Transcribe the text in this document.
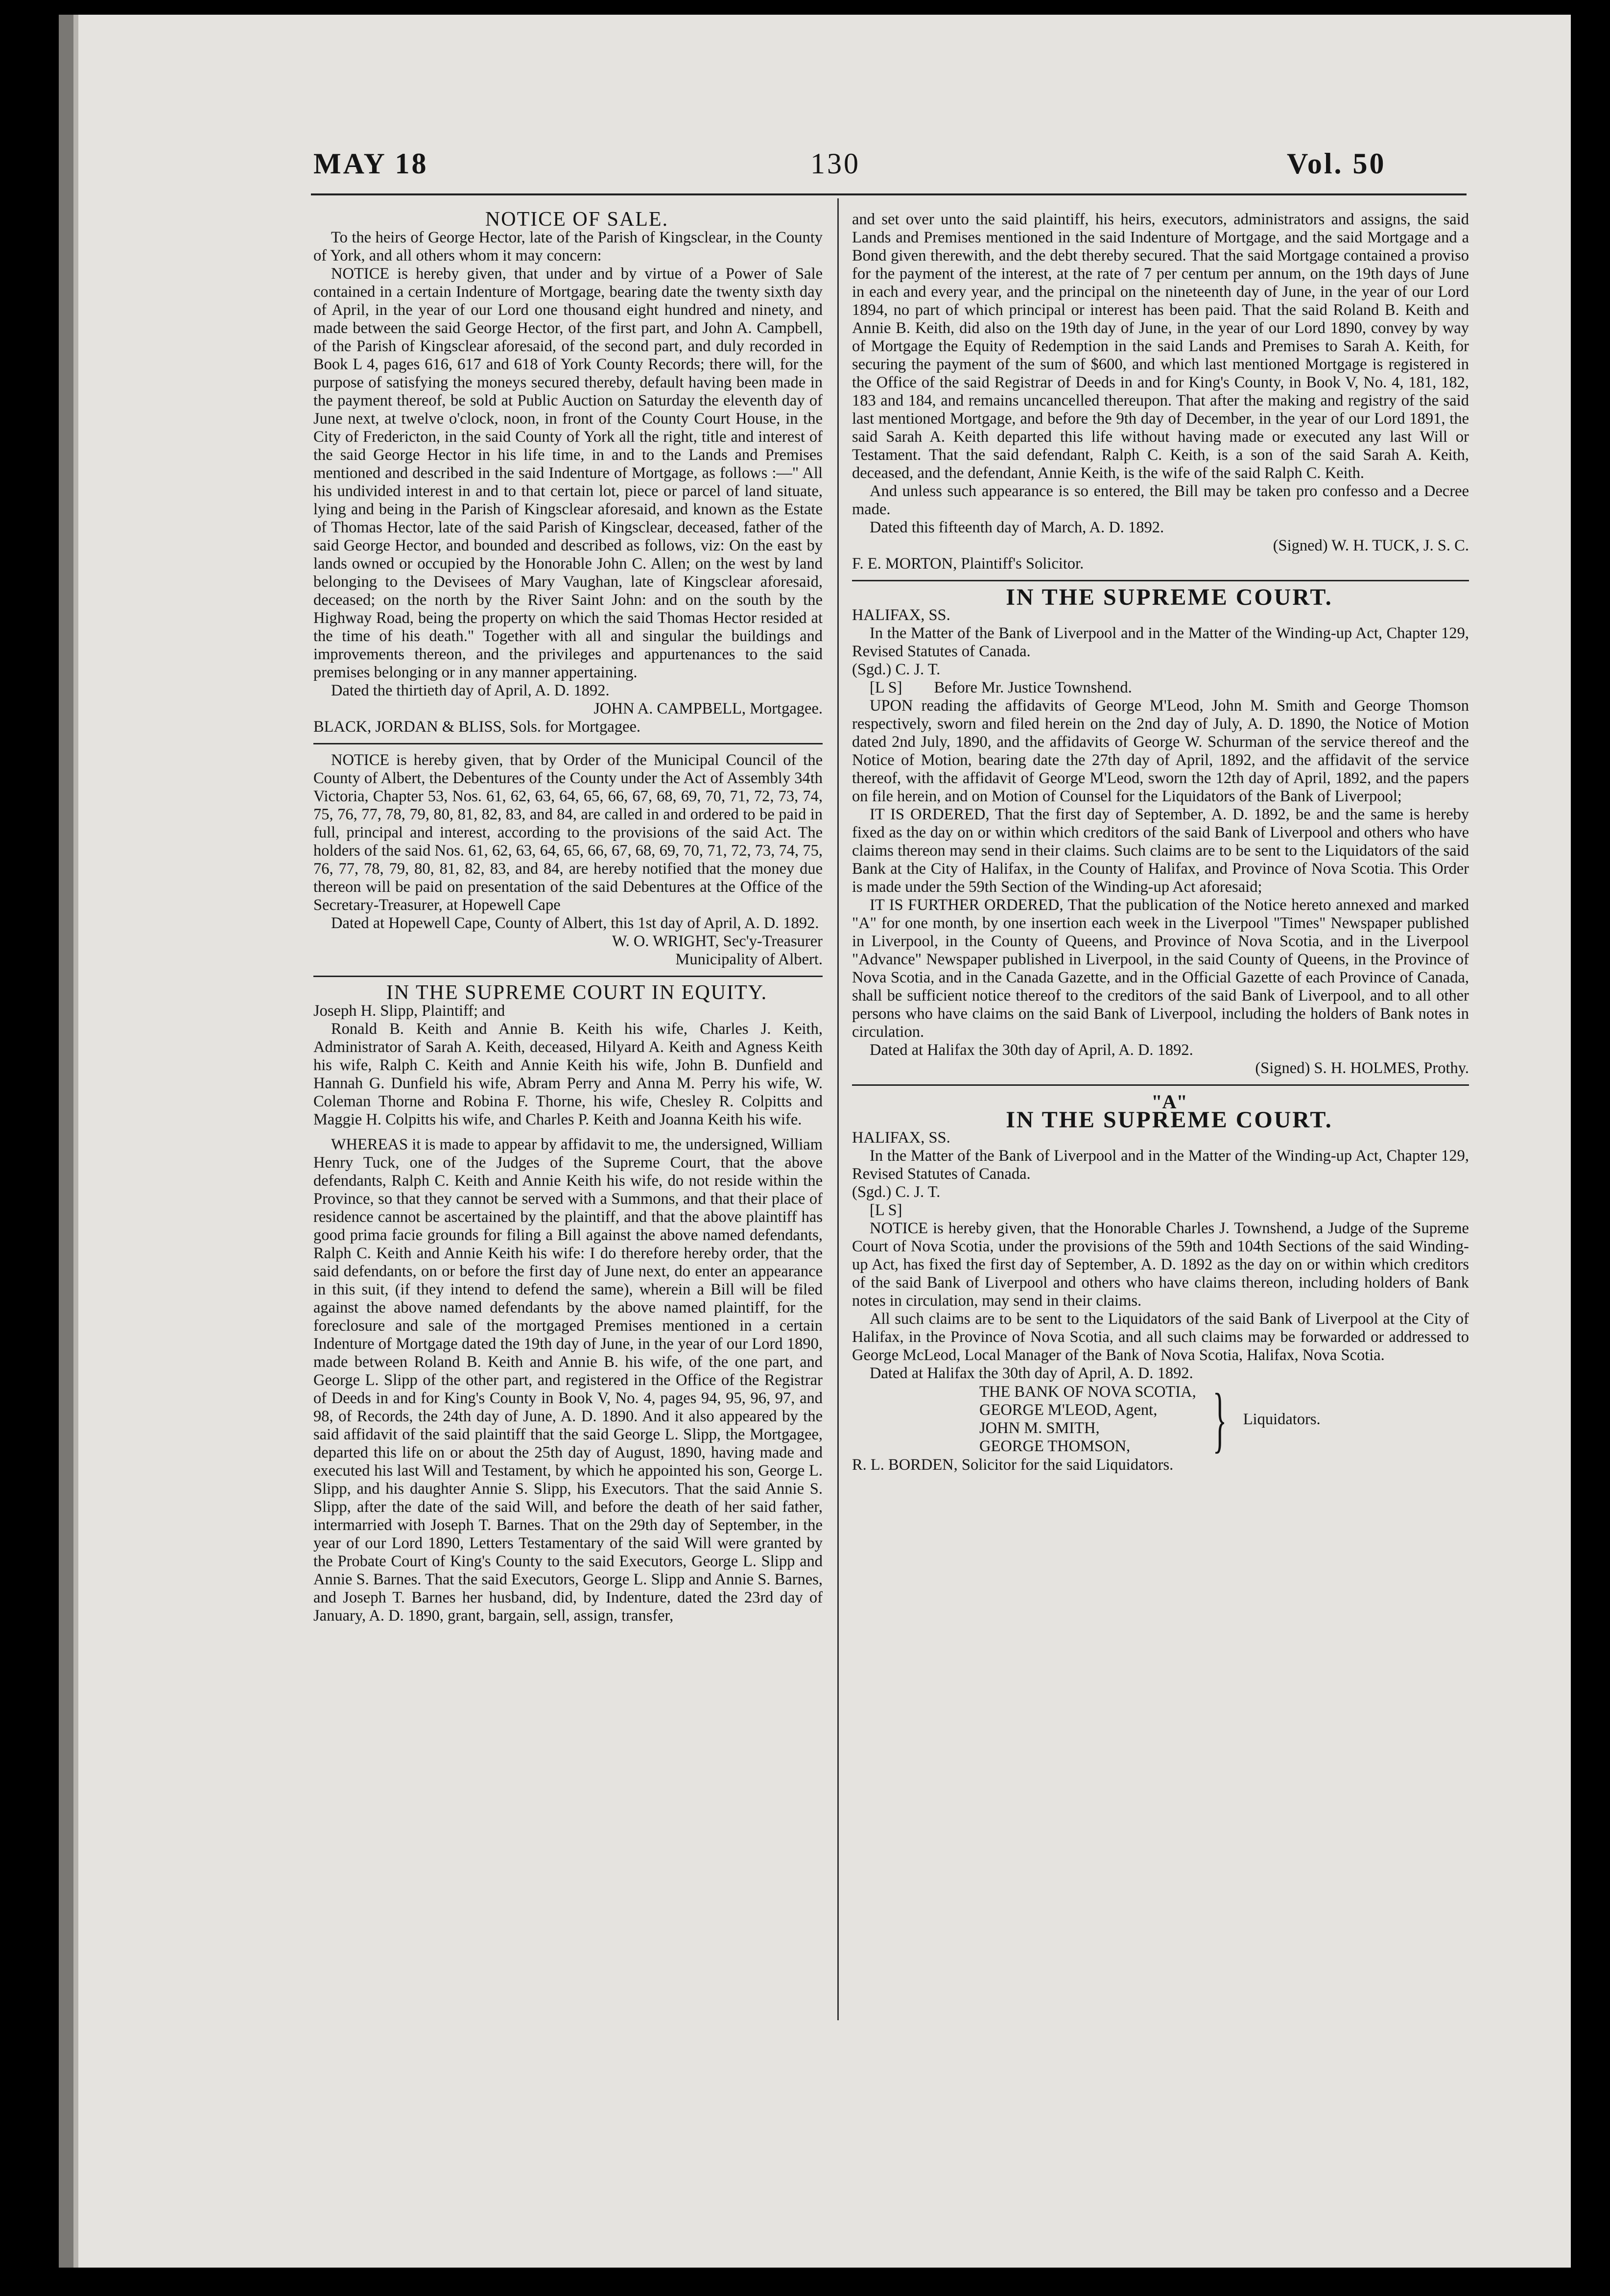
MAY 18	130	Vol. 50

NOTICE OF SALE.

To the heirs of George Hector, late of the Parish of Kingsclear, in the County of York, and all others whom it may concern:

NOTICE is hereby given, that under and by virtue of a Power of Sale contained in a certain Indenture of Mortgage, bearing date the twenty sixth day of April, in the year of our Lord one thousand eight hundred and ninety, and made between the said George Hector, of the first part, and John A. Campbell, of the Parish of Kingsclear aforesaid, of the second part, and duly recorded in Book L 4, pages 616, 617 and 618 of York County Records; there will, for the purpose of satisfying the moneys secured thereby, default having been made in the payment thereof, be sold at Public Auction on Saturday the eleventh day of June next, at twelve o'clock, noon, in front of the County Court House, in the City of Fredericton, in the said County of York all the right, title and interest of the said George Hector in his life time, in and to the Lands and Premises mentioned and described in the said Indenture of Mortgage, as follows :—" All his undivided interest in and to that certain lot, piece or parcel of land situate, lying and being in the Parish of Kingsclear aforesaid, and known as the Estate of Thomas Hector, late of the said Parish of Kingsclear, deceased, father of the said George Hector, and bounded and described as follows, viz: On the east by lands owned or occupied by the Honorable John C. Allen; on the west by land belonging to the Devisees of Mary Vaughan, late of Kingsclear aforesaid, deceased; on the north by the River Saint John: and on the south by the Highway Road, being the property on which the said Thomas Hector resided at the time of his death." Together with all and singular the buildings and improvements thereon, and the privileges and appurtenances to the said premises belonging or in any manner appertaining.

Dated the thirtieth day of April, A. D. 1892.

JOHN A. CAMPBELL, Mortgagee.

BLACK, JORDAN & BLISS, Sols. for Mortgagee.

NOTICE is hereby given, that by Order of the Municipal Council of the County of Albert, the Debentures of the County under the Act of Assembly 34th Victoria, Chapter 53, Nos. 61, 62, 63, 64, 65, 66, 67, 68, 69, 70, 71, 72, 73, 74, 75, 76, 77, 78, 79, 80, 81, 82, 83, and 84, are called in and ordered to be paid in full, principal and interest, according to the provisions of the said Act. The holders of the said Nos. 61, 62, 63, 64, 65, 66, 67, 68, 69, 70, 71, 72, 73, 74, 75, 76, 77, 78, 79, 80, 81, 82, 83, and 84, are hereby notified that the money due thereon will be paid on presentation of the said Debentures at the Office of the Secretary-Treasurer, at Hopewell Cape

Dated at Hopewell Cape, County of Albert, this 1st day of April, A. D. 1892.

W. O. WRIGHT, Sec'y-Treasurer

Municipality of Albert.

IN THE SUPREME COURT IN EQUITY.

Joseph H. Slipp, Plaintiff; and

Ronald B. Keith and Annie B. Keith his wife, Charles J. Keith, Administrator of Sarah A. Keith, deceased, Hilyard A. Keith and Agness Keith his wife, Ralph C. Keith and Annie Keith his wife, John B. Dunfield and Hannah G. Dunfield his wife, Abram Perry and Anna M. Perry his wife, W. Coleman Thorne and Robina F. Thorne, his wife, Chesley R. Colpitts and Maggie H. Colpitts his wife, and Charles P. Keith and Joanna Keith his wife.

WHEREAS it is made to appear by affidavit to me, the undersigned, William Henry Tuck, one of the Judges of the Supreme Court, that the above defendants, Ralph C. Keith and Annie Keith his wife, do not reside within the Province, so that they cannot be served with a Summons, and that their place of residence cannot be ascertained by the plaintiff, and that the above plaintiff has good prima facie grounds for filing a Bill against the above named defendants, Ralph C. Keith and Annie Keith his wife: I do therefore hereby order, that the said defendants, on or before the first day of June next, do enter an appearance in this suit, (if they intend to defend the same), wherein a Bill will be filed against the above named defendants by the above named plaintiff, for the foreclosure and sale of the mortgaged Premises mentioned in a certain Indenture of Mortgage dated the 19th day of June, in the year of our Lord 1890, made between Roland B. Keith and Annie B. his wife, of the one part, and George L. Slipp of the other part, and registered in the Office of the Registrar of Deeds in and for King's County in Book V, No. 4, pages 94, 95, 96, 97, and 98, of Records, the 24th day of June, A. D. 1890. And it also appeared by the said affidavit of the said plaintiff that the said George L. Slipp, the Mortgagee, departed this life on or about the 25th day of August, 1890, having made and executed his last Will and Testament, by which he appointed his son, George L. Slipp, and his daughter Annie S. Slipp, his Executors. That the said Annie S. Slipp, after the date of the said Will, and before the death of her said father, intermarried with Joseph T. Barnes. That on the 29th day of September, in the year of our Lord 1890, Letters Testamentary of the said Will were granted by the Probate Court of King's County to the said Executors, George L. Slipp and Annie S. Barnes. That the said Executors, George L. Slipp and Annie S. Barnes, and Joseph T. Barnes her husband, did, by Indenture, dated the 23rd day of January, A. D. 1890, grant, bargain, sell, assign, transfer,

and set over unto the said plaintiff, his heirs, executors, administrators and assigns, the said Lands and Premises mentioned in the said Indenture of Mortgage, and the said Mortgage and a Bond given therewith, and the debt thereby secured. That the said Mortgage contained a proviso for the payment of the interest, at the rate of 7 per centum per annum, on the 19th days of June in each and every year, and the principal on the nineteenth day of June, in the year of our Lord 1894, no part of which principal or interest has been paid. That the said Roland B. Keith and Annie B. Keith, did also on the 19th day of June, in the year of our Lord 1890, convey by way of Mortgage the Equity of Redemption in the said Lands and Premises to Sarah A. Keith, for securing the payment of the sum of $600, and which last mentioned Mortgage is registered in the Office of the said Registrar of Deeds in and for King's County, in Book V, No. 4, 181, 182, 183 and 184, and remains uncancelled thereupon. That after the making and registry of the said last mentioned Mortgage, and before the 9th day of December, in the year of our Lord 1891, the said Sarah A. Keith departed this life without having made or executed any last Will or Testament. That the said defendant, Ralph C. Keith, is a son of the said Sarah A. Keith, deceased, and the defendant, Annie Keith, is the wife of the said Ralph C. Keith.

And unless such appearance is so entered, the Bill may be taken pro confesso and a Decree made.

Dated this fifteenth day of March, A. D. 1892.

(Signed) W. H. TUCK, J. S. C.

F. E. MORTON, Plaintiff's Solicitor.

IN THE SUPREME COURT.

HALIFAX, SS.

In the Matter of the Bank of Liverpool and in the Matter of the Winding-up Act, Chapter 129, Revised Statutes of Canada.

(Sgd.) C. J. T.

[L S] Before Mr. Justice Townshend.

UPON reading the affidavits of George M'Leod, John M. Smith and George Thomson respectively, sworn and filed herein on the 2nd day of July, A. D. 1890, the Notice of Motion dated 2nd July, 1890, and the affidavits of George W. Schurman of the service thereof and the Notice of Motion, bearing date the 27th day of April, 1892, and the affidavit of the service thereof, with the affidavit of George M'Leod, sworn the 12th day of April, 1892, and the papers on file herein, and on Motion of Counsel for the Liquidators of the Bank of Liverpool;

IT IS ORDERED, That the first day of September, A. D. 1892, be and the same is hereby fixed as the day on or within which creditors of the said Bank of Liverpool and others who have claims thereon may send in their claims. Such claims are to be sent to the Liquidators of the said Bank at the City of Halifax, in the County of Halifax, and Province of Nova Scotia. This Order is made under the 59th Section of the Winding-up Act aforesaid;

IT IS FURTHER ORDERED, That the publication of the Notice hereto annexed and marked "A" for one month, by one insertion each week in the Liverpool "Times" Newspaper published in Liverpool, in the County of Queens, and Province of Nova Scotia, and in the Liverpool "Advance" Newspaper published in Liverpool, in the said County of Queens, in the Province of Nova Scotia, and in the Canada Gazette, and in the Official Gazette of each Province of Canada, shall be sufficient notice thereof to the creditors of the said Bank of Liverpool, and to all other persons who have claims on the said Bank of Liverpool, including the holders of Bank notes in circulation.

Dated at Halifax the 30th day of April, A. D. 1892.

(Signed) S. H. HOLMES, Prothy.

"A"

IN THE SUPREME COURT.

HALIFAX, SS.

In the Matter of the Bank of Liverpool and in the Matter of the Winding-up Act, Chapter 129, Revised Statutes of Canada.

(Sgd.) C. J. T.

[L S]

NOTICE is hereby given, that the Honorable Charles J. Townshend, a Judge of the Supreme Court of Nova Scotia, under the provisions of the 59th and 104th Sections of the said Winding-up Act, has fixed the first day of September, A. D. 1892 as the day on or within which creditors of the said Bank of Liverpool and others who have claims thereon, including holders of Bank notes in circulation, may send in their claims.

All such claims are to be sent to the Liquidators of the said Bank of Liverpool at the City of Halifax, in the Province of Nova Scotia, and all such claims may be forwarded or addressed to George McLeod, Local Manager of the Bank of Nova Scotia, Halifax, Nova Scotia.

Dated at Halifax the 30th day of April, A. D. 1892.

THE BANK OF NOVA SCOTIA,
GEORGE M'LEOD, Agent,
JOHN M. SMITH,
GEORGE THOMSON,	} Liquidators.

R. L. BORDEN, Solicitor for the said Liquidators.
